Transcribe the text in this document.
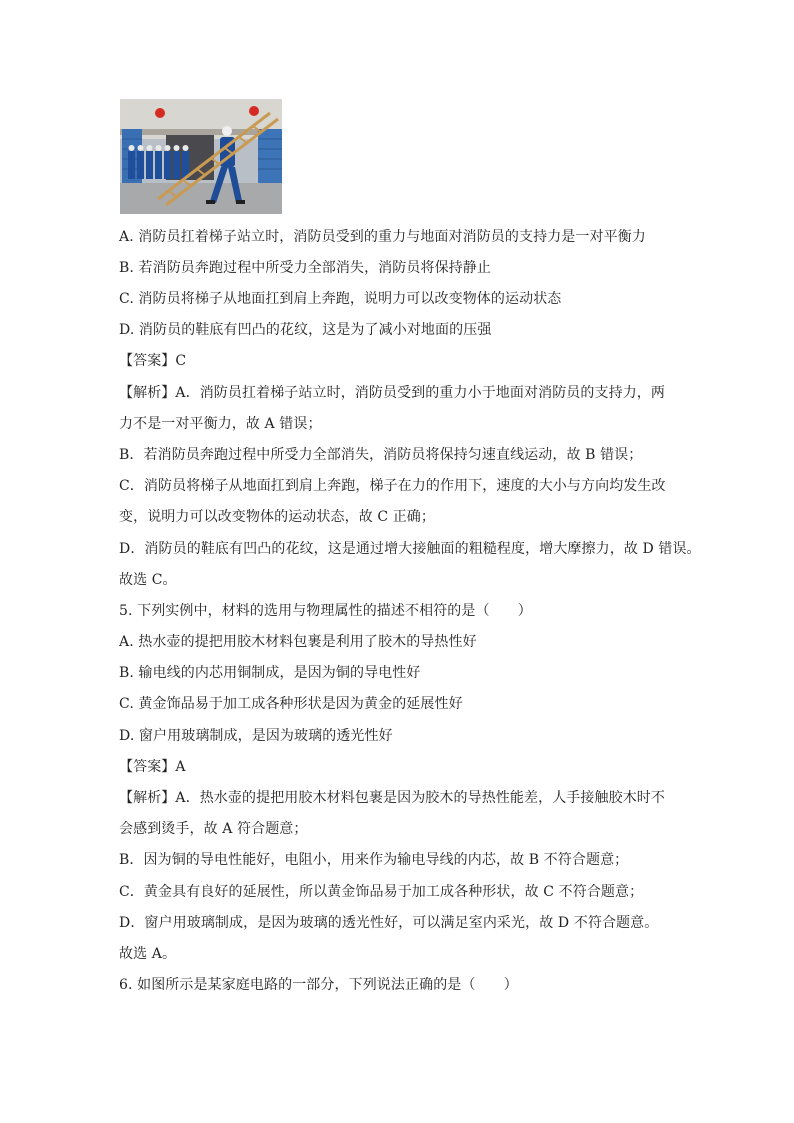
A. 消防员扛着梯子站立时，消防员受到的重力与地面对消防员的支持力是一对平衡力
B. 若消防员奔跑过程中所受力全部消失，消防员将保持静止
C. 消防员将梯子从地面扛到肩上奔跑，说明力可以改变物体的运动状态
D. 消防员的鞋底有凹凸的花纹，这是为了减小对地面的压强
【答案】C
【解析】A．消防员扛着梯子站立时，消防员受到的重力小于地面对消防员的支持力，两
力不是一对平衡力，故 A 错误；
B．若消防员奔跑过程中所受力全部消失，消防员将保持匀速直线运动，故 B 错误；
C．消防员将梯子从地面扛到肩上奔跑，梯子在力的作用下，速度的大小与方向均发生改
变，说明力可以改变物体的运动状态，故 C 正确；
D．消防员的鞋底有凹凸的花纹，这是通过增大接触面的粗糙程度，增大摩擦力，故 D 错误。
故选 C。
5. 下列实例中，材料的选用与物理属性的描述不相符的是（　　）
A. 热水壶的提把用胶木材料包裹是利用了胶木的导热性好
B. 输电线的内芯用铜制成，是因为铜的导电性好
C. 黄金饰品易于加工成各种形状是因为黄金的延展性好
D. 窗户用玻璃制成，是因为玻璃的透光性好
【答案】A
【解析】A．热水壶的提把用胶木材料包裹是因为胶木的导热性能差，人手接触胶木时不
会感到烫手，故 A 符合题意；
B．因为铜的导电性能好，电阻小，用来作为输电导线的内芯，故 B 不符合题意；
C．黄金具有良好的延展性，所以黄金饰品易于加工成各种形状，故 C 不符合题意；
D．窗户用玻璃制成，是因为玻璃的透光性好，可以满足室内采光，故 D 不符合题意。
故选 A。
6. 如图所示是某家庭电路的一部分，下列说法正确的是（　　）
